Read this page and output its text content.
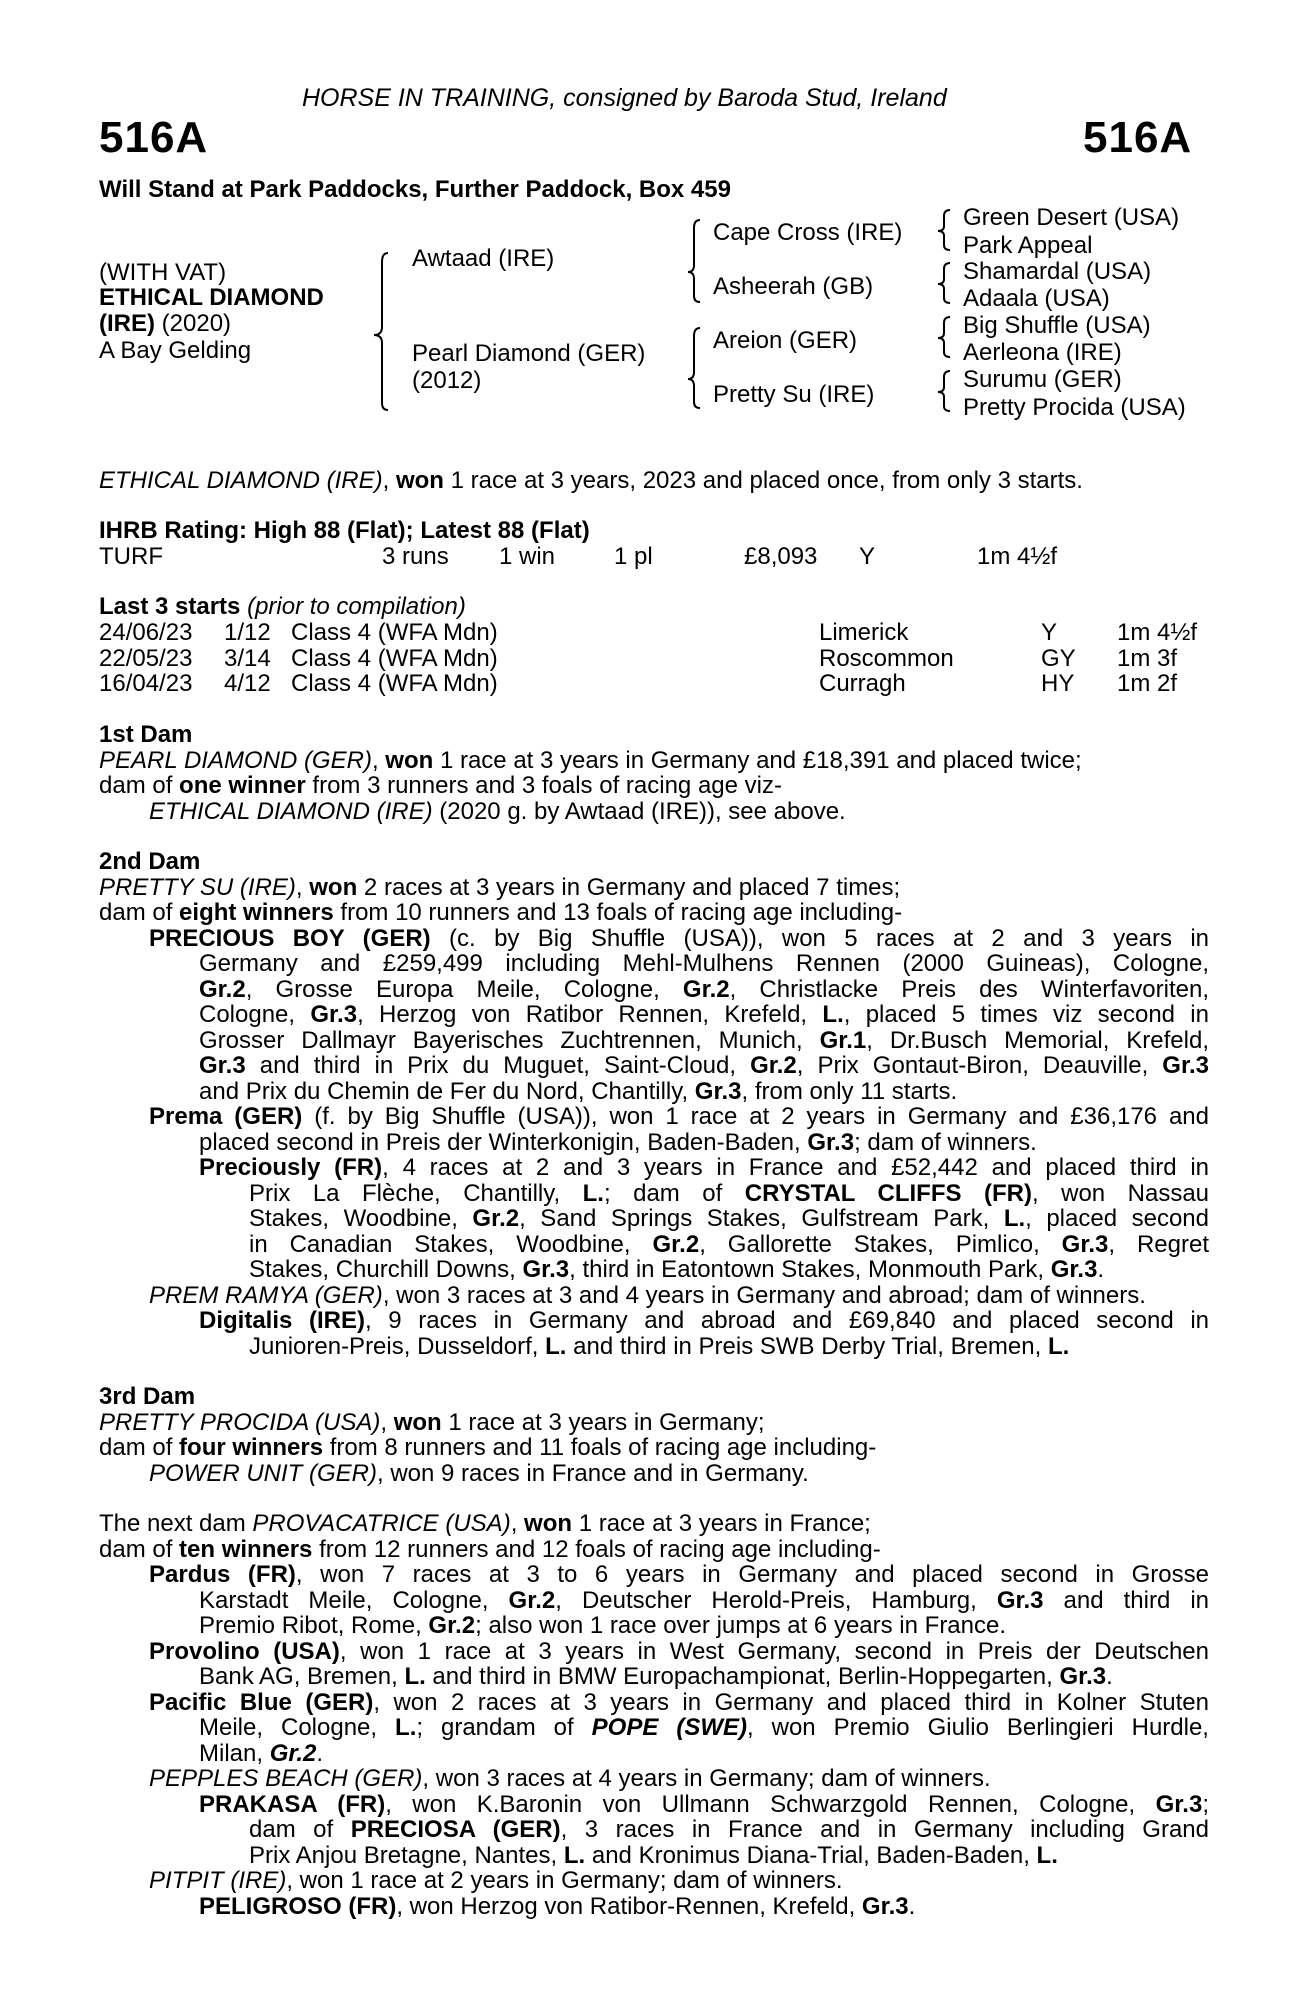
HORSE IN TRAINING, consigned by Baroda Stud, Ireland
516A	516A
Will Stand at Park Paddocks, Further Paddock, Box 459
(WITH VAT)
ETHICAL DIAMOND
(IRE) (2020)
A Bay Gelding
Awtaad (IRE)
Pearl Diamond (GER)
(2012)
Cape Cross (IRE)
Asheerah (GB)
Areion (GER)
Pretty Su (IRE)
Green Desert (USA)
Park Appeal
Shamardal (USA)
Adaala (USA)
Big Shuffle (USA)
Aerleona (IRE)
Surumu (GER)
Pretty Procida (USA)
ETHICAL DIAMOND (IRE), won 1 race at 3 years, 2023 and placed once, from only 3 starts.
IHRB Rating: High 88 (Flat); Latest 88 (Flat)
TURF	3 runs 1 win 1 pl	£8,093 Y	1m 4½f
Last 3 starts (prior to compilation)
24/06/23 1/12 Class 4 (WFA Mdn)	Limerick	Y 1m 4½f
22/05/23 3/14 Class 4 (WFA Mdn)	Roscommon	GY 1m 3f
16/04/23 4/12 Class 4 (WFA Mdn)	Curragh	HY 1m 2f
1st Dam
PEARL DIAMOND (GER), won 1 race at 3 years in Germany and £18,391 and placed twice;
dam of one winner from 3 runners and 3 foals of racing age viz-
ETHICAL DIAMOND (IRE) (2020 g. by Awtaad (IRE)), see above.
2nd Dam
PRETTY SU (IRE), won 2 races at 3 years in Germany and placed 7 times;
dam of eight winners from 10 runners and 13 foals of racing age including-
PRECIOUS BOY (GER) (c. by Big Shuffle (USA)), won 5 races at 2 and 3 years in
Germany and £259,499 including Mehl-Mulhens Rennen (2000 Guineas), Cologne,
Gr.2, Grosse Europa Meile, Cologne, Gr.2, Christlacke Preis des Winterfavoriten,
Cologne, Gr.3, Herzog von Ratibor Rennen, Krefeld, L., placed 5 times viz second in
Grosser Dallmayr Bayerisches Zuchtrennen, Munich, Gr.1, Dr.Busch Memorial, Krefeld,
Gr.3 and third in Prix du Muguet, Saint-Cloud, Gr.2, Prix Gontaut-Biron, Deauville, Gr.3
and Prix du Chemin de Fer du Nord, Chantilly, Gr.3, from only 11 starts.
Prema (GER) (f. by Big Shuffle (USA)), won 1 race at 2 years in Germany and £36,176 and
placed second in Preis der Winterkonigin, Baden-Baden, Gr.3; dam of winners.
Preciously (FR), 4 races at 2 and 3 years in France and £52,442 and placed third in
Prix La Flèche, Chantilly, L.; dam of CRYSTAL CLIFFS (FR), won Nassau
Stakes, Woodbine, Gr.2, Sand Springs Stakes, Gulfstream Park, L., placed second
in Canadian Stakes, Woodbine, Gr.2, Gallorette Stakes, Pimlico, Gr.3, Regret
Stakes, Churchill Downs, Gr.3, third in Eatontown Stakes, Monmouth Park, Gr.3.
PREM RAMYA (GER), won 3 races at 3 and 4 years in Germany and abroad; dam of winners.
Digitalis (IRE), 9 races in Germany and abroad and £69,840 and placed second in
Junioren-Preis, Dusseldorf, L. and third in Preis SWB Derby Trial, Bremen, L.
3rd Dam
PRETTY PROCIDA (USA), won 1 race at 3 years in Germany;
dam of four winners from 8 runners and 11 foals of racing age including-
POWER UNIT (GER), won 9 races in France and in Germany.
The next dam PROVACATRICE (USA), won 1 race at 3 years in France;
dam of ten winners from 12 runners and 12 foals of racing age including-
Pardus (FR), won 7 races at 3 to 6 years in Germany and placed second in Grosse
Karstadt Meile, Cologne, Gr.2, Deutscher Herold-Preis, Hamburg, Gr.3 and third in
Premio Ribot, Rome, Gr.2; also won 1 race over jumps at 6 years in France.
Provolino (USA), won 1 race at 3 years in West Germany, second in Preis der Deutschen
Bank AG, Bremen, L. and third in BMW Europachampionat, Berlin-Hoppegarten, Gr.3.
Pacific Blue (GER), won 2 races at 3 years in Germany and placed third in Kolner Stuten
Meile, Cologne, L.; grandam of POPE (SWE), won Premio Giulio Berlingieri Hurdle,
Milan, Gr.2.
PEPPLES BEACH (GER), won 3 races at 4 years in Germany; dam of winners.
PRAKASA (FR), won K.Baronin von Ullmann Schwarzgold Rennen, Cologne, Gr.3;
dam of PRECIOSA (GER), 3 races in France and in Germany including Grand
Prix Anjou Bretagne, Nantes, L. and Kronimus Diana-Trial, Baden-Baden, L.
PITPIT (IRE), won 1 race at 2 years in Germany; dam of winners.
PELIGROSO (FR), won Herzog von Ratibor-Rennen, Krefeld, Gr.3.
